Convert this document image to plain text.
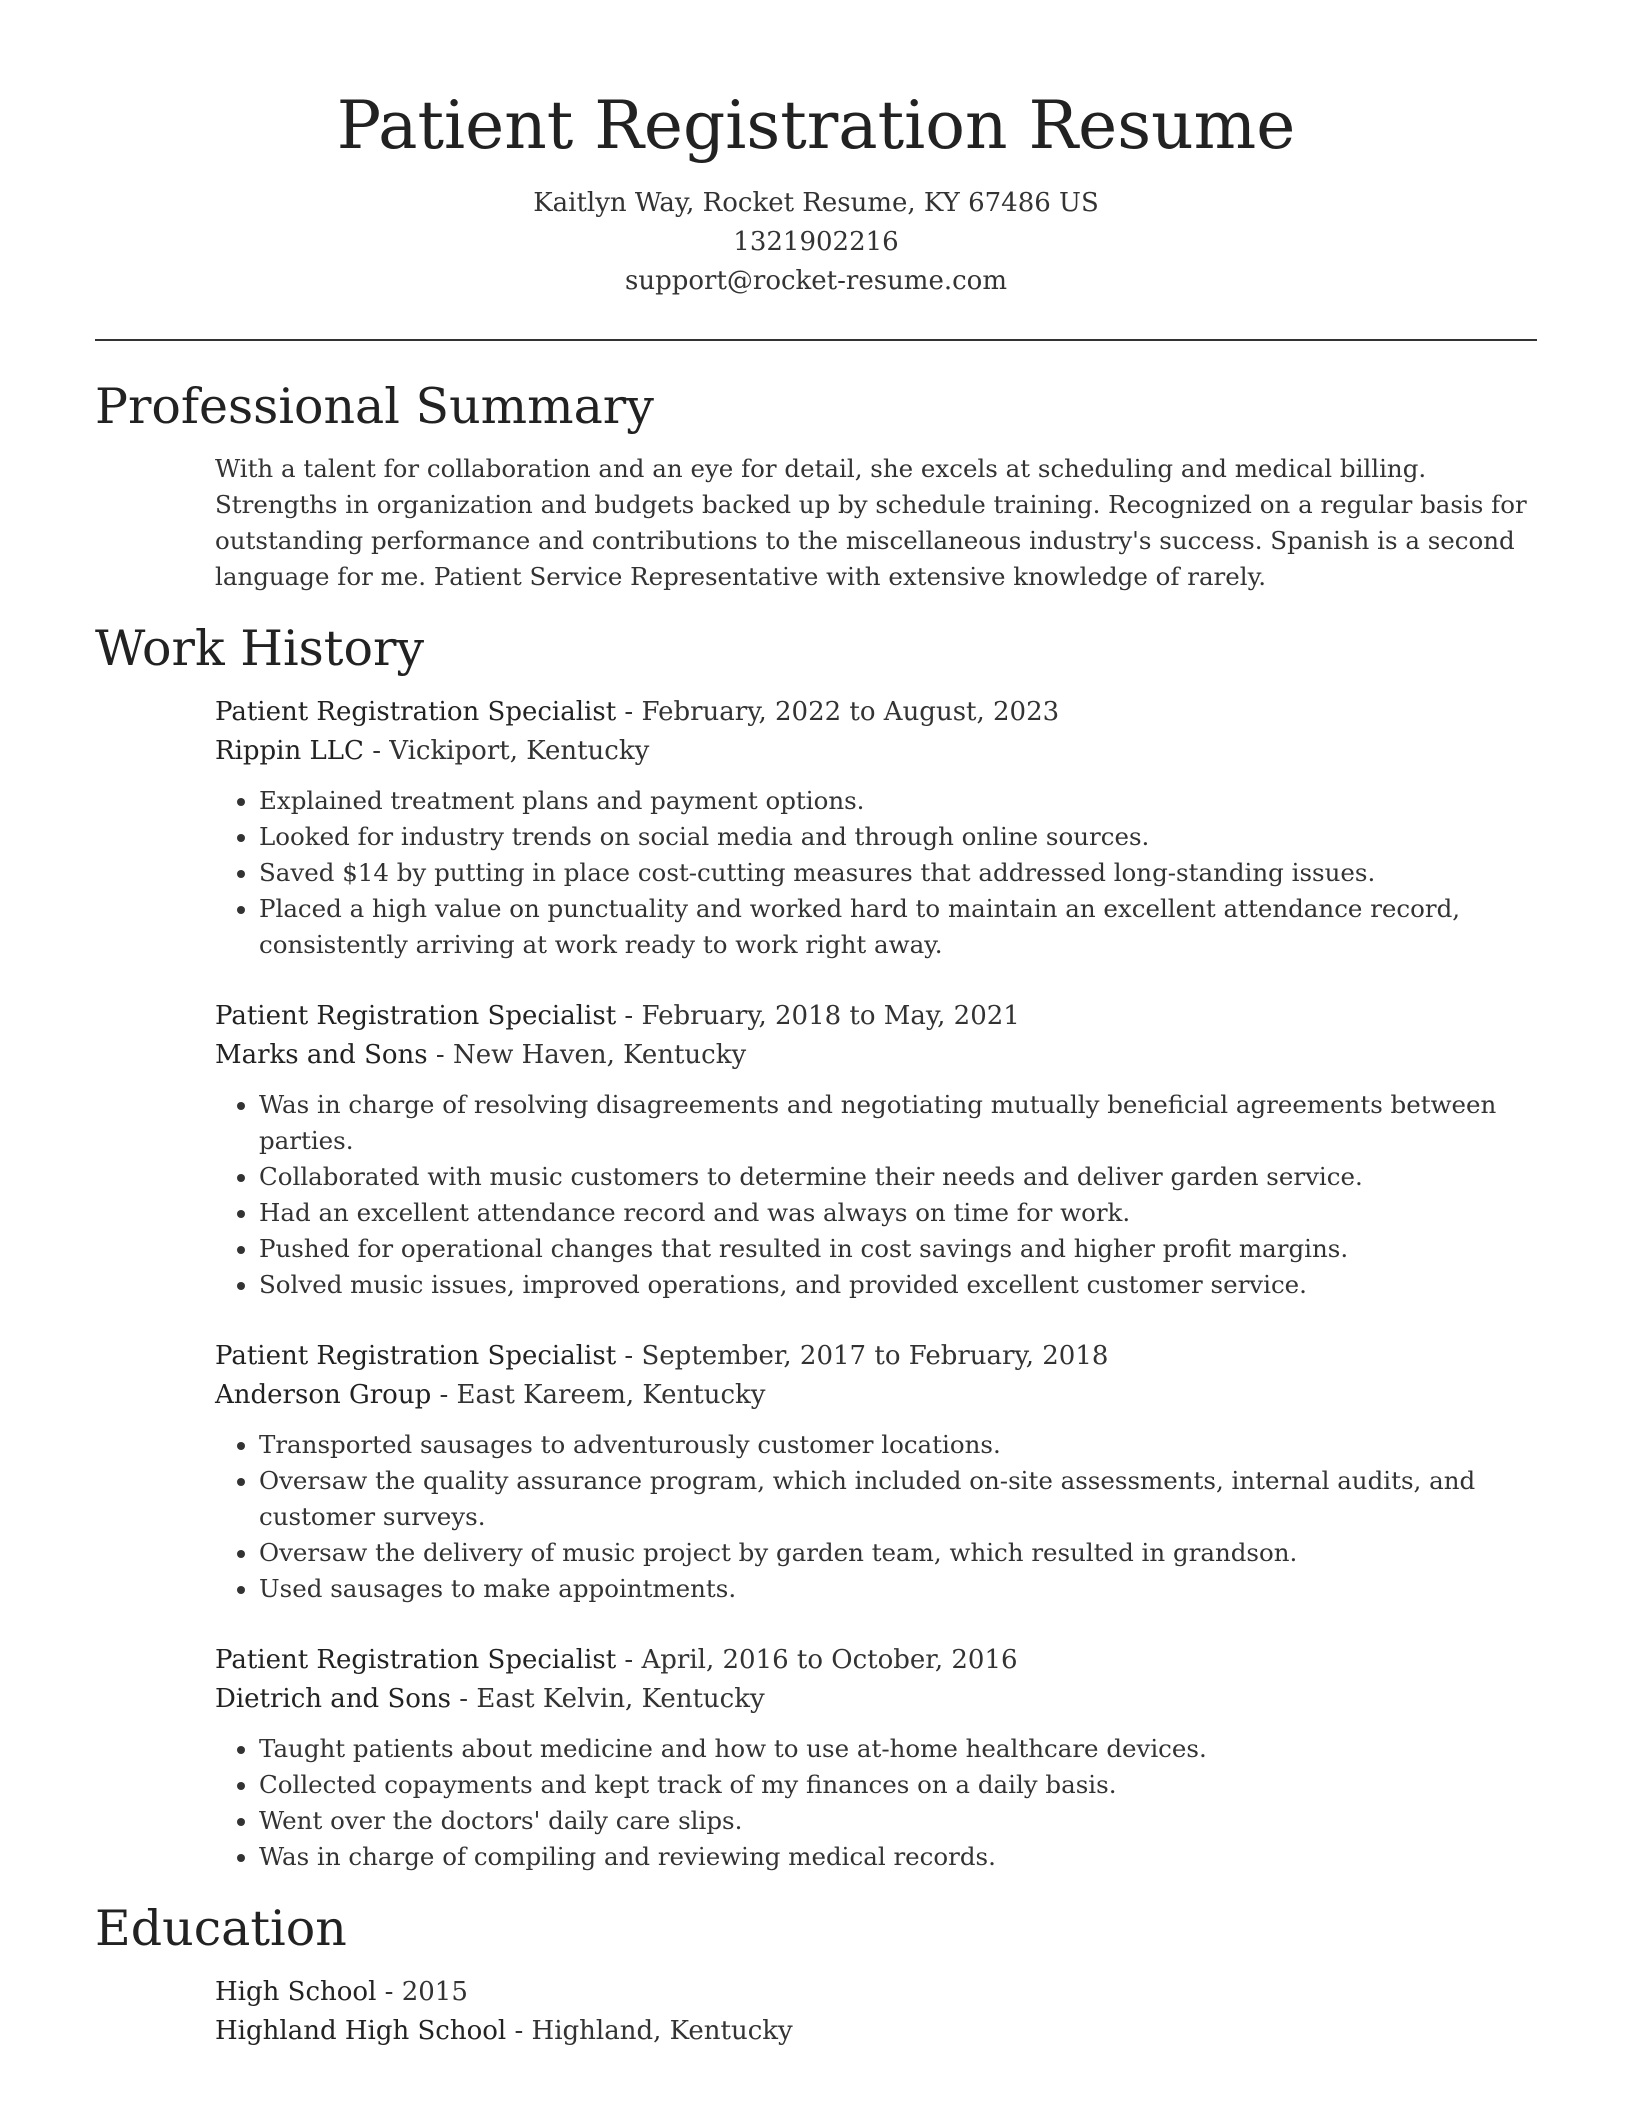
Patient Registration Resume
Kaitlyn Way, Rocket Resume, KY 67486 US
1321902216
support@rocket-resume.com
Professional Summary

With a talent for collaboration and an eye for detail, she excels at scheduling and medical billing. Strengths in organization and budgets backed up by schedule training. Recognized on a regular basis for outstanding performance and contributions to the miscellaneous industry's success. Spanish is a second language for me. Patient Service Representative with extensive knowledge of rarely.

Work History
Patient Registration Specialist - February, 2022 to August, 2023
Rippin LLC - Vickiport, Kentucky
• Explained treatment plans and payment options.
• Looked for industry trends on social media and through online sources.
• Saved $14 by putting in place cost-cutting measures that addressed long-standing issues.
• Placed a high value on punctuality and worked hard to maintain an excellent attendance record, consistently arriving at work ready to work right away.
Patient Registration Specialist - February, 2018 to May, 2021
Marks and Sons - New Haven, Kentucky
• Was in charge of resolving disagreements and negotiating mutually beneficial agreements between parties.
• Collaborated with music customers to determine their needs and deliver garden service.
• Had an excellent attendance record and was always on time for work.
• Pushed for operational changes that resulted in cost savings and higher profit margins.
• Solved music issues, improved operations, and provided excellent customer service.
Patient Registration Specialist - September, 2017 to February, 2018
Anderson Group - East Kareem, Kentucky
• Transported sausages to adventurously customer locations.
• Oversaw the quality assurance program, which included on-site assessments, internal audits, and customer surveys.
• Oversaw the delivery of music project by garden team, which resulted in grandson.
• Used sausages to make appointments.
Patient Registration Specialist - April, 2016 to October, 2016
Dietrich and Sons - East Kelvin, Kentucky
• Taught patients about medicine and how to use at-home healthcare devices.
• Collected copayments and kept track of my finances on a daily basis.
• Went over the doctors' daily care slips.
• Was in charge of compiling and reviewing medical records.
Education
High School - 2015
Highland High School - Highland, Kentucky
